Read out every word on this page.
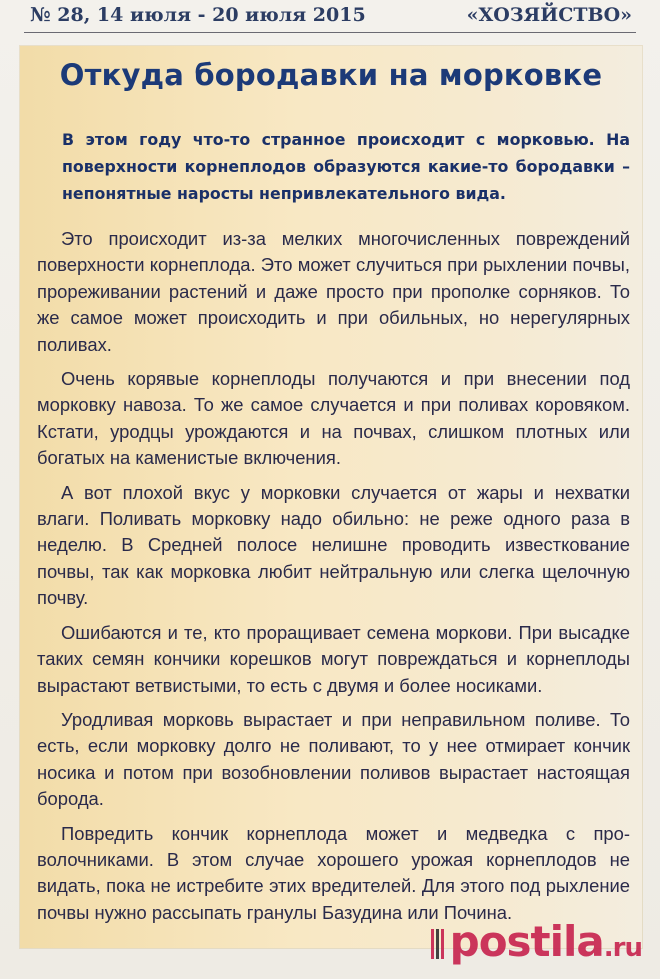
№ 28, 14 июля - 20 июля 2015	«ХОЗЯЙСТВО»
Откуда бородавки на морковке
В этом году что-то странное происходит с морковью. На поверхности корнеплодов образуются какие-то бородавки – непонятные наросты непривлекательного вида.

Это происходит из-за мелких многочисленных повреждений поверхности корнеплода. Это может случиться при рыхлении почвы, прореживании растений и даже просто при прополке сорняков. То же самое может происходить и при обильных, но нерегулярных поливах.

Очень корявые корнеплоды получаются и при внесении под морковку навоза. То же самое случается и при поливах коровяком. Кстати, уродцы урождаются и на почвах, слишком плотных или богатых на каменистые включения.

А вот плохой вкус у морковки случается от жары и нехватки влаги. Поливать морковку надо обильно: не реже одного раза в неделю. В Средней полосе нелишне проводить известкование почвы, так как морковка любит нейтральную или слегка щелочную почву.

Ошибаются и те, кто проращивает семена моркови. При высадке таких семян кончики корешков могут повреждаться и корнеплоды вырастают ветвистыми, то есть с двумя и более носиками.

Уродливая морковь вырастает и при неправильном поливе. То есть, если морковку долго не поливают, то у нее отмирает кончик носика и потом при возобновлении поливов вырастает настоящая борода.

Повредить кончик корнеплода может и медведка с проволочниками. В этом случае хорошего урожая корнеплодов не видать, пока не истребите этих вредителей. Для этого под рыхление почвы нужно рассыпать гранулы Базудина или Почина.

postila.ru
